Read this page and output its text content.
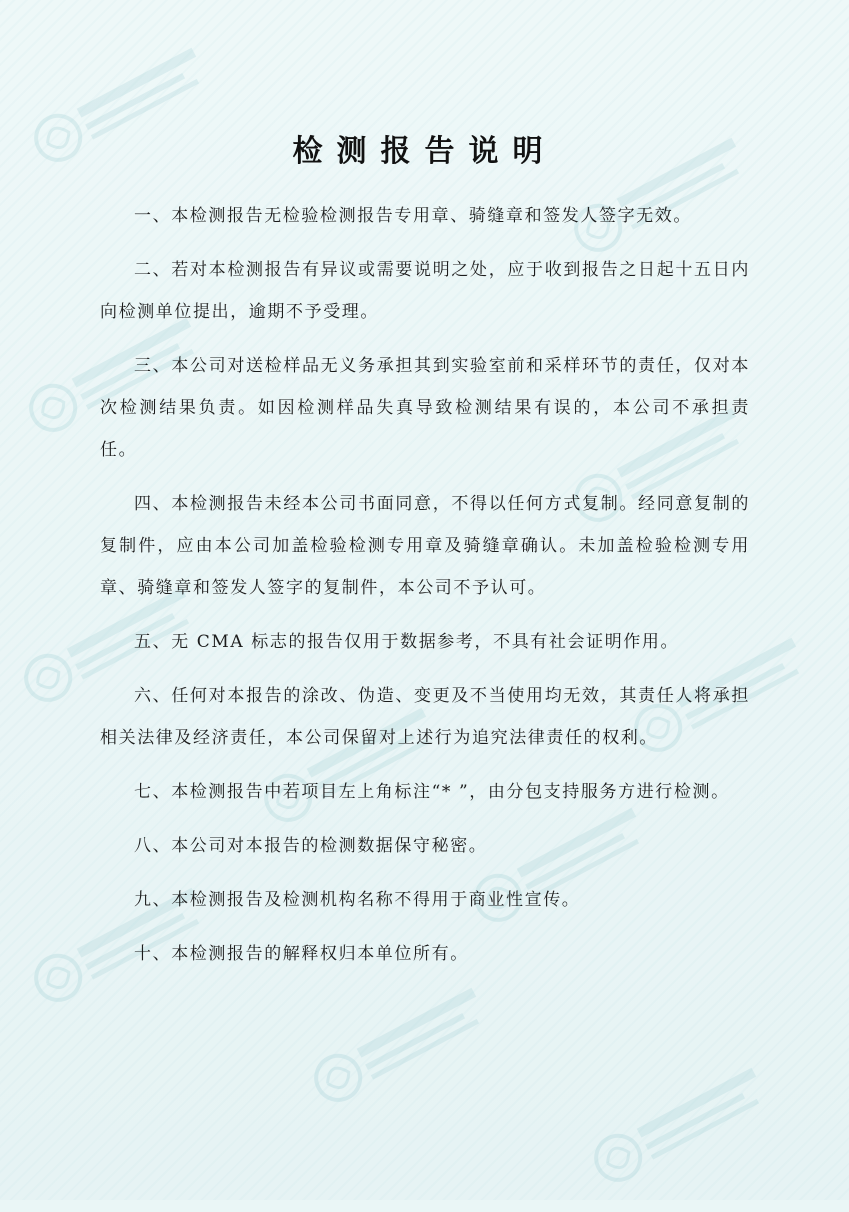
检测报告说明

一、本检测报告无检验检测报告专用章、骑缝章和签发人签字无效。

二、若对本检测报告有异议或需要说明之处，应于收到报告之日起十五日内向检测单位提出，逾期不予受理。

三、本公司对送检样品无义务承担其到实验室前和采样环节的责任，仅对本次检测结果负责。如因检测样品失真导致检测结果有误的，本公司不承担责任。

四、本检测报告未经本公司书面同意，不得以任何方式复制。经同意复制的复制件，应由本公司加盖检验检测专用章及骑缝章确认。未加盖检验检测专用章、骑缝章和签发人签字的复制件，本公司不予认可。

五、无 CMA 标志的报告仅用于数据参考，不具有社会证明作用。

六、任何对本报告的涂改、伪造、变更及不当使用均无效，其责任人将承担相关法律及经济责任，本公司保留对上述行为追究法律责任的权利。

七、本检测报告中若项目左上角标注“* ”，由分包支持服务方进行检测。

八、本公司对本报告的检测数据保守秘密。

九、本检测报告及检测机构名称不得用于商业性宣传。

十、本检测报告的解释权归本单位所有。
